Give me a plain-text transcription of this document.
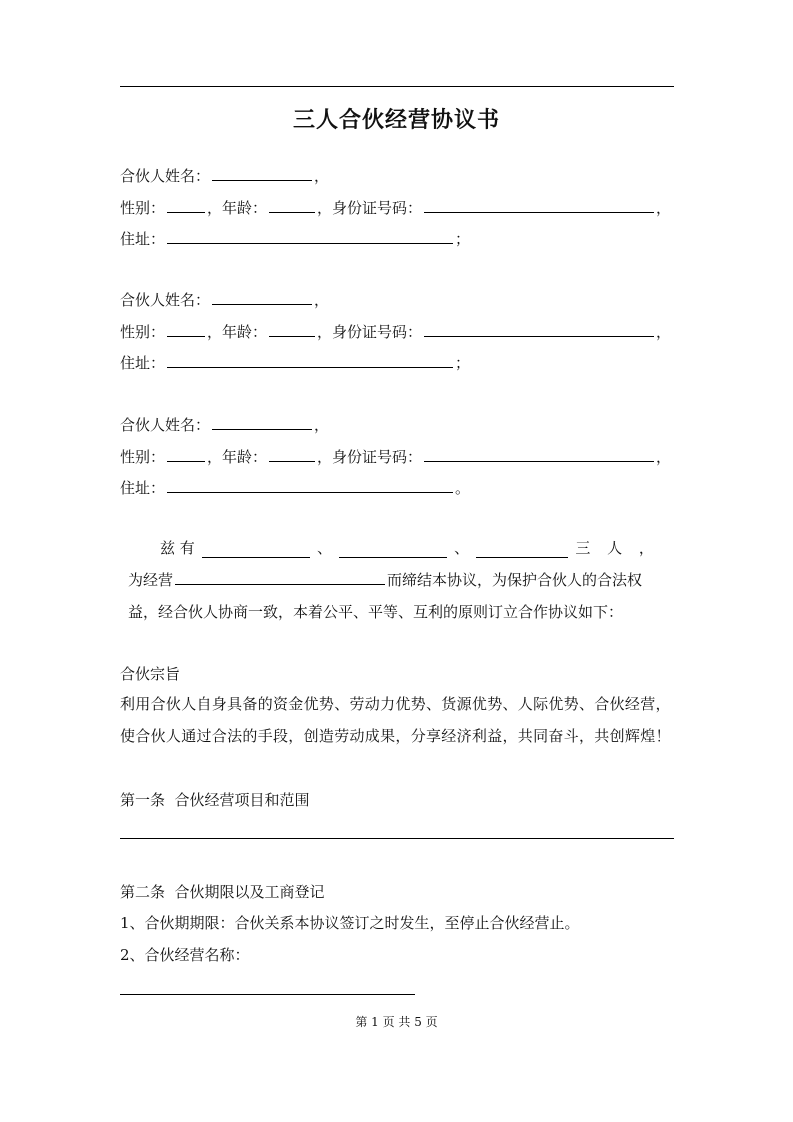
三人合伙经营协议书
合伙人姓名：	，
性别：	，年龄：	，身份证号码：	，
住址：	；
合伙人姓名：	，
性别：	，年龄：	，身份证号码：	，
住址：	；
合伙人姓名：	，
性别：	，年龄：	，身份证号码：	，
住址：	。
兹 有	、	、	三 人 ，
为经营	而缔结本协议，为保护合伙人的合法权
益，经合伙人协商一致，本着公平、平等、互利的原则订立合作协议如下：
合伙宗旨
利用合伙人自身具备的资金优势、劳动力优势、货源优势、人际优势、合伙经营，
使合伙人通过合法的手段，创造劳动成果，分享经济利益，共同奋斗，共创辉煌！
第一条  合伙经营项目和范围
第二条  合伙期限以及工商登记
1、合伙期期限：合伙关系本协议签订之时发生，至停止合伙经营止。
2、合伙经营名称：
第 1 页 共 5 页
